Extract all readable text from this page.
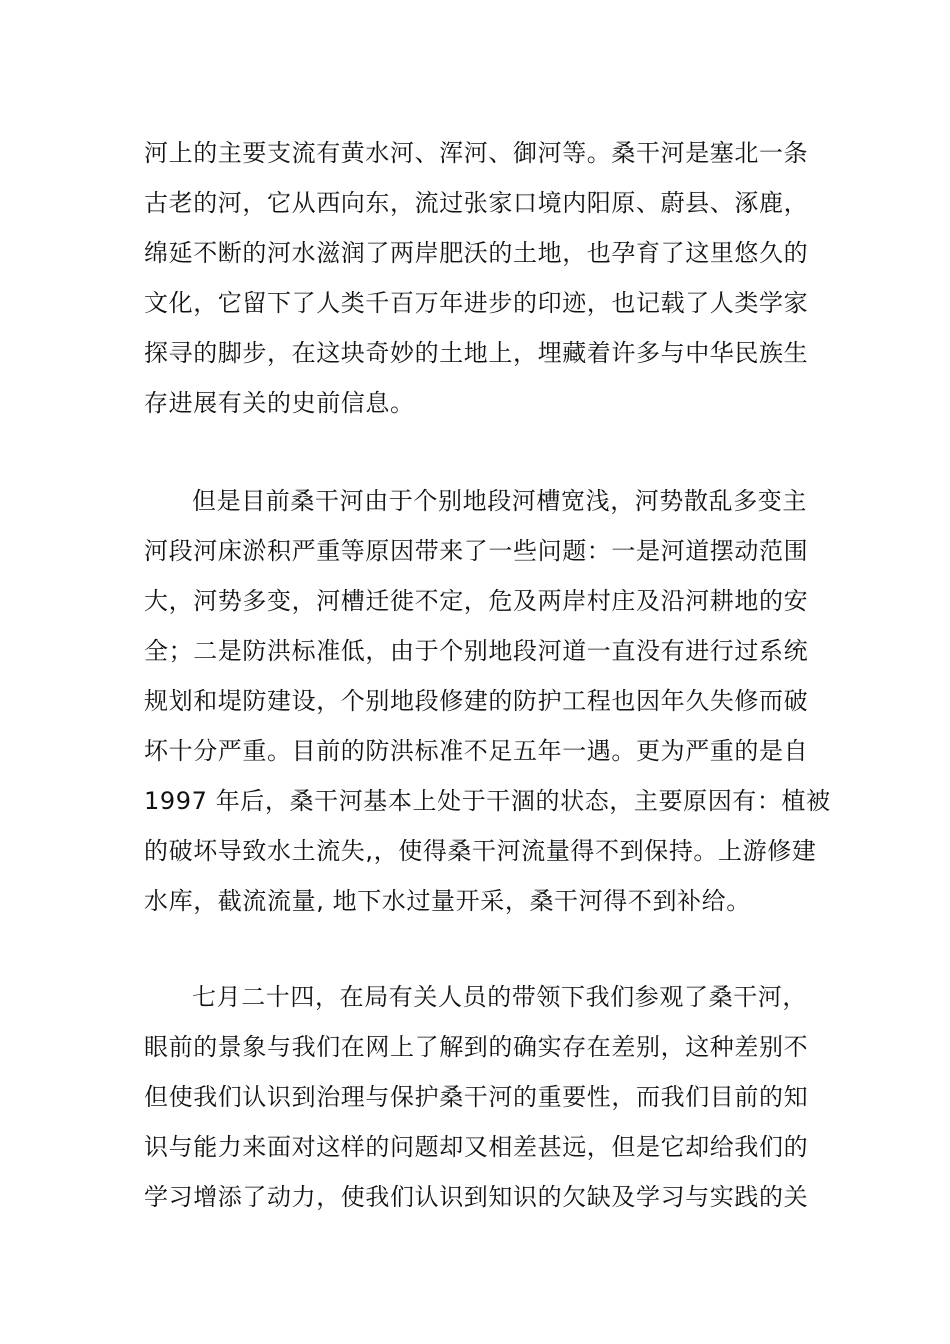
河上的主要支流有黄水河、浑河、御河等。桑干河是塞北一条
古老的河，它从西向东，流过张家口境内阳原、蔚县、涿鹿，
绵延不断的河水滋润了两岸肥沃的土地，也孕育了这里悠久的
文化，它留下了人类千百万年进步的印迹，也记载了人类学家
探寻的脚步，在这块奇妙的土地上，埋藏着许多与中华民族生
存进展有关的史前信息。
但是目前桑干河由于个别地段河槽宽浅，河势散乱多变主
河段河床淤积严重等原因带来了一些问题：一是河道摆动范围
大，河势多变，河槽迁徙不定，危及两岸村庄及沿河耕地的安
全；二是防洪标准低，由于个别地段河道一直没有进行过系统
规划和堤防建设，个别地段修建的防护工程也因年久失修而破
坏十分严重。目前的防洪标准不足五年一遇。更为严重的是自
1997 年后，桑干河基本上处于干涸的状态，主要原因有：植被
的破坏导致水土流失,，使得桑干河流量得不到保持。上游修建
水库，截流流量, 地下水过量开采，桑干河得不到补给。
七月二十四，在局有关人员的带领下我们参观了桑干河，
眼前的景象与我们在网上了解到的确实存在差别，这种差别不
但使我们认识到治理与保护桑干河的重要性，而我们目前的知
识与能力来面对这样的问题却又相差甚远，但是它却给我们的
学习增添了动力，使我们认识到知识的欠缺及学习与实践的关
